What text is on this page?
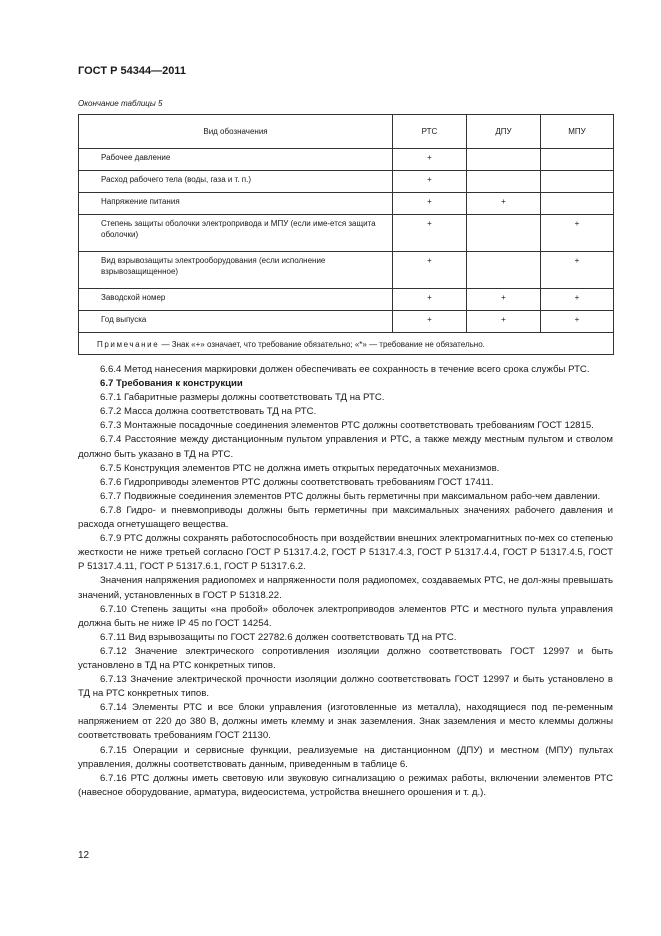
ГОСТ Р 54344—2011
Окончание таблицы 5
Вид обозначения	РТС	ДПУ	МПУ
Рабочее давление	+		
Расход рабочего тела (воды, газа и т. п.)	+		
Напряжение питания	+	+	
Степень защиты оболочки электропривода и МПУ (если име-ется защита оболочки)	+		+
Вид взрывозащиты электрооборудования (если исполнение взрывозащищенное)	+		+
Заводской номер	+	+	+
Год выпуска	+	+	+
Примечание — Знак «+» означает, что требование обязательно; «*» — требование не обязательно.			

6.6.4 Метод нанесения маркировки должен обеспечивать ее сохранность в течение всего срока службы РТС.

6.7 Требования к конструкции

6.7.1 Габаритные размеры должны соответствовать ТД на РТС.

6.7.2 Масса должна соответствовать ТД на РТС.

6.7.3 Монтажные посадочные соединения элементов РТС должны соответствовать требованиям ГОСТ 12815.

6.7.4 Расстояние между дистанционным пультом управления и РТС, а также между местным пультом и стволом должно быть указано в ТД на РТС.

6.7.5 Конструкция элементов РТС не должна иметь открытых передаточных механизмов.

6.7.6 Гидроприводы элементов РТС должны соответствовать требованиям ГОСТ 17411.

6.7.7 Подвижные соединения элементов РТС должны быть герметичны при максимальном рабо-чем давлении.

6.7.8 Гидро- и пневмоприводы должны быть герметичны при максимальных значениях рабочего давления и расхода огнетушащего вещества.

6.7.9 РТС должны сохранять работоспособность при воздействии внешних электромагнитных по-мех со степенью жесткости не ниже третьей согласно ГОСТ Р 51317.4.2, ГОСТ Р 51317.4.3, ГОСТ Р 51317.4.4, ГОСТ Р 51317.4.5, ГОСТ Р 51317.4.11, ГОСТ Р 51317.6.1, ГОСТ Р 51317.6.2.

Значения напряжения радиопомех и напряженности поля радиопомех, создаваемых РТС, не дол-жны превышать значений, установленных в ГОСТ Р 51318.22.

6.7.10 Степень защиты «на пробой» оболочек электроприводов элементов РТС и местного пульта управления должна быть не ниже IP 45 по ГОСТ 14254.

6.7.11 Вид взрывозащиты по ГОСТ 22782.6 должен соответствовать ТД на РТС.

6.7.12 Значение электрического сопротивления изоляции должно соответствовать ГОСТ 12997 и быть установлено в ТД на РТС конкретных типов.

6.7.13 Значение электрической прочности изоляции должно соответствовать ГОСТ 12997 и быть установлено в ТД на РТС конкретных типов.

6.7.14 Элементы РТС и все блоки управления (изготовленные из металла), находящиеся под пе-ременным напряжением от 220 до 380 В, должны иметь клемму и знак заземления. Знак заземления и место клеммы должны соответствовать требованиям ГОСТ 21130.

6.7.15 Операции и сервисные функции, реализуемые на дистанционном (ДПУ) и местном (МПУ) пультах управления, должны соответствовать данным, приведенным в таблице 6.

6.7.16 РТС должны иметь световую или звуковую сигнализацию о режимах работы, включении элементов РТС (навесное оборудование, арматура, видеосистема, устройства внешнего орошения и т. д.).

12
